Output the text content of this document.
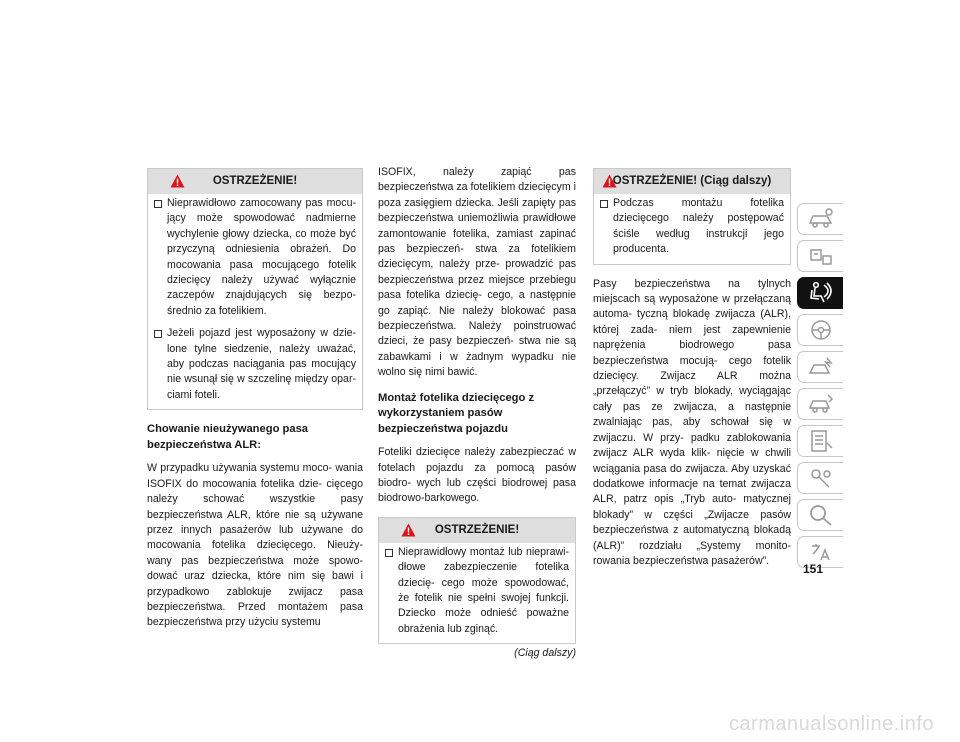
OSTRZEŻENIE!
Nieprawidłowo zamocowany pas mocu- jący może spowodować nadmierne wychylenie głowy dziecka, co może być przyczyną odniesienia obrażeń. Do mocowania pasa mocującego fotelik dziecięcy należy używać wyłącznie zaczepów znajdujących się bezpo- średnio za fotelikiem.
Jeżeli pojazd jest wyposażony w dzie- lone tylne siedzenie, należy uważać, aby podczas naciągania pas mocujący nie wsunął się w szczelinę między opar- ciami foteli.
Chowanie nieużywanego pasa bezpieczeństwa ALR:

W przypadku używania systemu moco- wania ISOFIX do mocowania fotelika dzie- cięcego należy schować wszystkie pasy bezpieczeństwa ALR, które nie są używane przez innych pasażerów lub używane do mocowania fotelika dziecięcego. Nieuży- wany pas bezpieczeństwa może spowo- dować uraz dziecka, które nim się bawi i przypadkowo zablokuje zwijacz pasa bezpieczeństwa. Przed montażem pasa bezpieczeństwa przy użyciu systemu

ISOFIX, należy zapiąć pas bezpieczeństwa za fotelikiem dziecięcym i poza zasięgiem dziecka. Jeśli zapięty pas bezpieczeństwa uniemożliwia prawidłowe zamontowanie fotelika, zamiast zapinać pas bezpieczeń- stwa za fotelikiem dziecięcym, należy prze- prowadzić pas bezpieczeństwa przez miejsce przebiegu pasa fotelika dziecię- cego, a następnie go zapiąć. Nie należy blokować pasa bezpieczeństwa. Należy poinstruować dzieci, że pasy bezpieczeń- stwa nie są zabawkami i w żadnym wypadku nie wolno się nimi bawić.

Montaż fotelika dziecięcego z wykorzystaniem pasów bezpieczeństwa pojazdu

Foteliki dziecięce należy zabezpieczać w fotelach pojazdu za pomocą pasów biodro- wych lub części biodrowej pasa biodrowo-barkowego.

OSTRZEŻENIE!
Nieprawidłowy montaż lub nieprawi- dłowe zabezpieczenie fotelika dziecię- cego może spowodować, że fotelik nie spełni swojej funkcji. Dziecko może odnieść poważne obrażenia lub zginąć.
(Ciąg dalszy)
OSTRZEŻENIE! (Ciąg dalszy)
Podczas montażu fotelika dziecięcego należy postępować ściśle według instrukcji jego producenta.

Pasy bezpieczeństwa na tylnych miejscach są wyposażone w przełączaną automa- tyczną blokadę zwijacza (ALR), której zada- niem jest zapewnienie naprężenia biodrowego pasa bezpieczeństwa mocują- cego fotelik dziecięcy. Zwijacz ALR można „przełączyć” w tryb blokady, wyciągając cały pas ze zwijacza, a następnie zwalniając pas, aby schował się w zwijaczu. W przy- padku zablokowania zwijacz ALR wyda klik- nięcie w chwili wciągania pasa do zwijacza. Aby uzyskać dodatkowe informacje na temat zwijacza ALR, patrz opis „Tryb auto- matycznej blokady” w części „Zwijacze pasów bezpieczeństwa z automatyczną blokadą (ALR)” rozdziału „Systemy monito- rowania bezpieczeństwa pasażerów”.

151
carmanualsonline.info
